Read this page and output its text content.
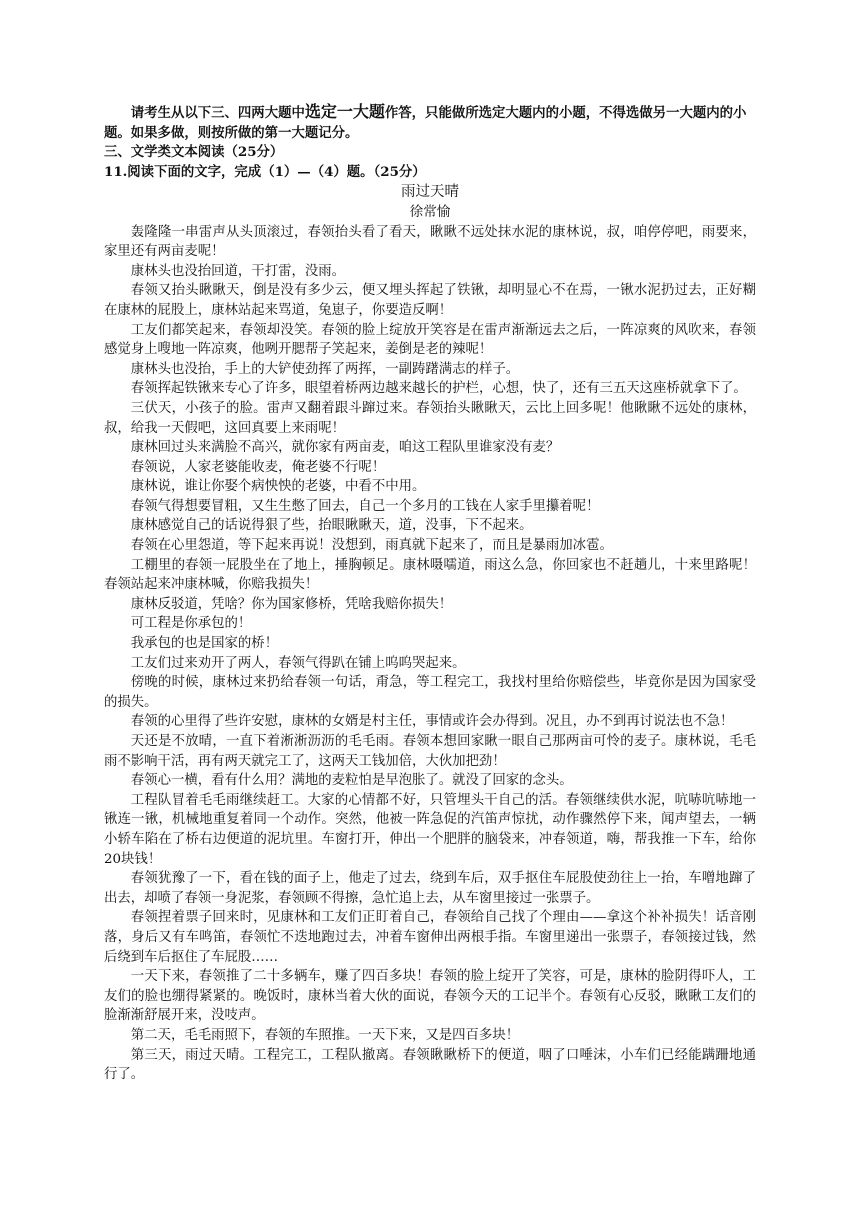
请考生从以下三、四两大题中选定一大题作答，只能做所选定大题内的小题，不得选做另一大题内的小题。如果多做，则按所做的第一大题记分。

三、文学类文本阅读（25分）

11.阅读下面的文字，完成（1）—（4）题。（25分）

雨过天晴

徐常愉

轰隆隆一串雷声从头顶滚过，春领抬头看了看天，瞅瞅不远处抹水泥的康林说，叔，咱停停吧，雨要来，家里还有两亩麦呢！

康林头也没抬回道，干打雷，没雨。

春领又抬头瞅瞅天，倒是没有多少云，便又埋头挥起了铁锹，却明显心不在焉，一锹水泥扔过去，正好糊在康林的屁股上，康林站起来骂道，兔崽子，你要造反啊！

工友们都笑起来，春领却没笑。春领的脸上绽放开笑容是在雷声渐渐远去之后，一阵凉爽的风吹来，春领感觉身上嗖地一阵凉爽，他咧开腮帮子笑起来，姜倒是老的辣呢！

康林头也没抬，手上的大铲使劲挥了两挥，一副踌躇满志的样子。

春领挥起铁锹来专心了许多，眼望着桥两边越来越长的护栏，心想，快了，还有三五天这座桥就拿下了。

三伏天，小孩子的脸。雷声又翻着跟斗蹿过来。春领抬头瞅瞅天，云比上回多呢！他瞅瞅不远处的康林，叔，给我一天假吧，这回真要上来雨呢！

康林回过头来满脸不高兴，就你家有两亩麦，咱这工程队里谁家没有麦？

春领说，人家老婆能收麦，俺老婆不行呢！

康林说，谁让你娶个病怏怏的老婆，中看不中用。

春领气得想要冒粗，又生生憋了回去，自己一个多月的工钱在人家手里攥着呢！

康林感觉自己的话说得狠了些，抬眼瞅瞅天，道，没事，下不起来。

春领在心里怨道，等下起来再说！没想到，雨真就下起来了，而且是暴雨加冰雹。

工棚里的春领一屁股坐在了地上，捶胸顿足。康林嗫嚅道，雨这么急，你回家也不赶趟儿，十来里路呢！春领站起来冲康林喊，你赔我损失！

康林反驳道，凭啥？你为国家修桥，凭啥我赔你损失！

可工程是你承包的！

我承包的也是国家的桥！

工友们过来劝开了两人，春领气得趴在铺上呜呜哭起来。

傍晚的时候，康林过来扔给春领一句话，甭急，等工程完工，我找村里给你赔偿些，毕竟你是因为国家受的损失。

春领的心里得了些许安慰，康林的女婿是村主任，事情或许会办得到。况且，办不到再讨说法也不急！

天还是不放晴，一直下着淅淅沥沥的毛毛雨。春领本想回家瞅一眼自己那两亩可怜的麦子。康林说，毛毛雨不影响干活，再有两天就完工了，这两天工钱加倍，大伙加把劲！

春领心一横，看有什么用？满地的麦粒怕是早泡胀了。就没了回家的念头。

工程队冒着毛毛雨继续赶工。大家的心情都不好，只管埋头干自己的活。春领继续供水泥，吭哧吭哧地一锹连一锹，机械地重复着同一个动作。突然，他被一阵急促的汽笛声惊扰，动作骤然停下来，闻声望去，一辆小轿车陷在了桥右边便道的泥坑里。车窗打开，伸出一个肥胖的脑袋来，冲春领道，嗨，帮我推一下车，给你20块钱！

春领犹豫了一下，看在钱的面子上，他走了过去，绕到车后，双手抠住车屁股使劲往上一抬，车噌地蹿了出去，却喷了春领一身泥浆，春领顾不得擦，急忙追上去，从车窗里接过一张票子。

春领捏着票子回来时，见康林和工友们正盯着自己，春领给自己找了个理由——拿这个补补损失！话音刚落，身后又有车鸣笛，春领忙不迭地跑过去，冲着车窗伸出两根手指。车窗里递出一张票子，春领接过钱，然后绕到车后抠住了车屁股……

一天下来，春领推了二十多辆车，赚了四百多块！春领的脸上绽开了笑容，可是，康林的脸阴得吓人，工友们的脸也绷得紧紧的。晚饭时，康林当着大伙的面说，春领今天的工记半个。春领有心反驳，瞅瞅工友们的脸渐渐舒展开来，没吱声。

第二天，毛毛雨照下，春领的车照推。一天下来，又是四百多块！

第三天，雨过天晴。工程完工，工程队撤离。春领瞅瞅桥下的便道，咽了口唾沫，小车们已经能蹒跚地通行了。
